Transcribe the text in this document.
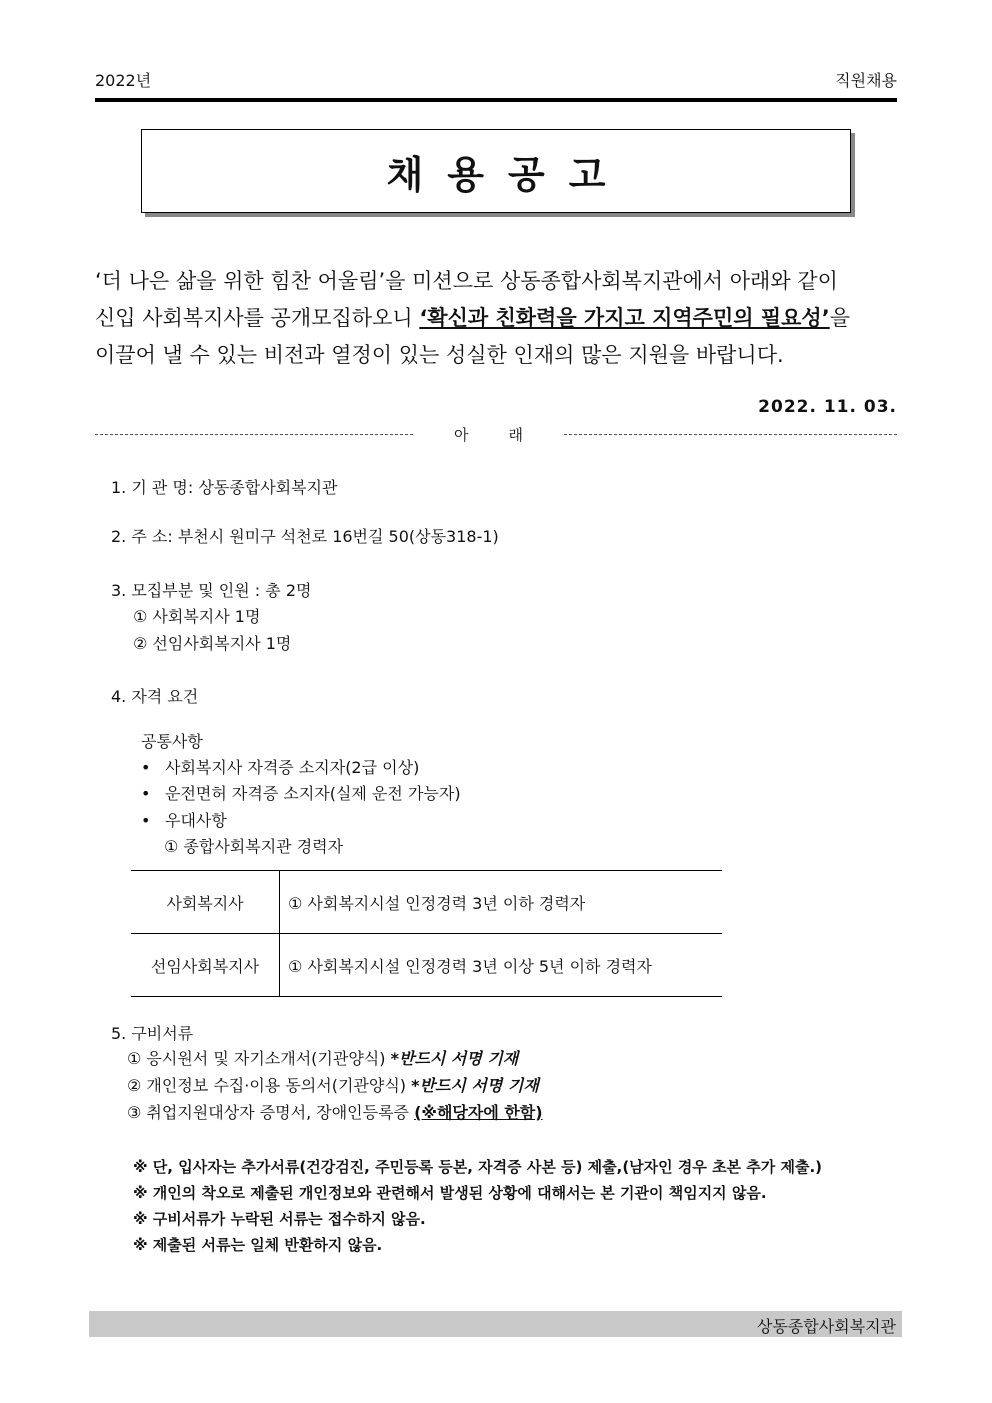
2022년	직원채용
채용공고
‘더 나은 삶을 위한 힘찬 어울림’을 미션으로 상동종합사회복지관에서 아래와 같이
신입 사회복지사를 공개모집하오니 ‘확신과 친화력을 가지고 지역주민의 필요성’을
이끌어 낼 수 있는 비전과 열정이 있는 성실한 인재의 많은 지원을 바랍니다.
2022. 11. 03.
아래
1. 기 관 명: 상동종합사회복지관
2. 주 소: 부천시 원미구 석천로 16번길 50(상동318-1)
3. 모집부분 및 인원 : 총 2명
① 사회복지사 1명
② 선임사회복지사 1명
4. 자격 요건
공통사항
• 사회복지사 자격증 소지자(2급 이상)
• 운전면허 자격증 소지자(실제 운전 가능자)
• 우대사항
① 종합사회복지관 경력자
사회복지사	① 사회복지시설 인정경력 3년 이하 경력자
선임사회복지사	① 사회복지시설 인정경력 3년 이상 5년 이하 경력자
5. 구비서류
① 응시원서 및 자기소개서(기관양식) *반드시 서명 기재
② 개인정보 수집·이용 동의서(기관양식) *반드시 서명 기재
③ 취업지원대상자 증명서, 장애인등록증 (※해당자에 한함)
※ 단, 입사자는 추가서류(건강검진, 주민등록 등본, 자격증 사본 등) 제출,(남자인 경우 초본 추가 제출.)
※ 개인의 착오로 제출된 개인정보와 관련해서 발생된 상황에 대해서는 본 기관이 책임지지 않음.
※ 구비서류가 누락된 서류는 접수하지 않음.
※ 제출된 서류는 일체 반환하지 않음.
상동종합사회복지관
